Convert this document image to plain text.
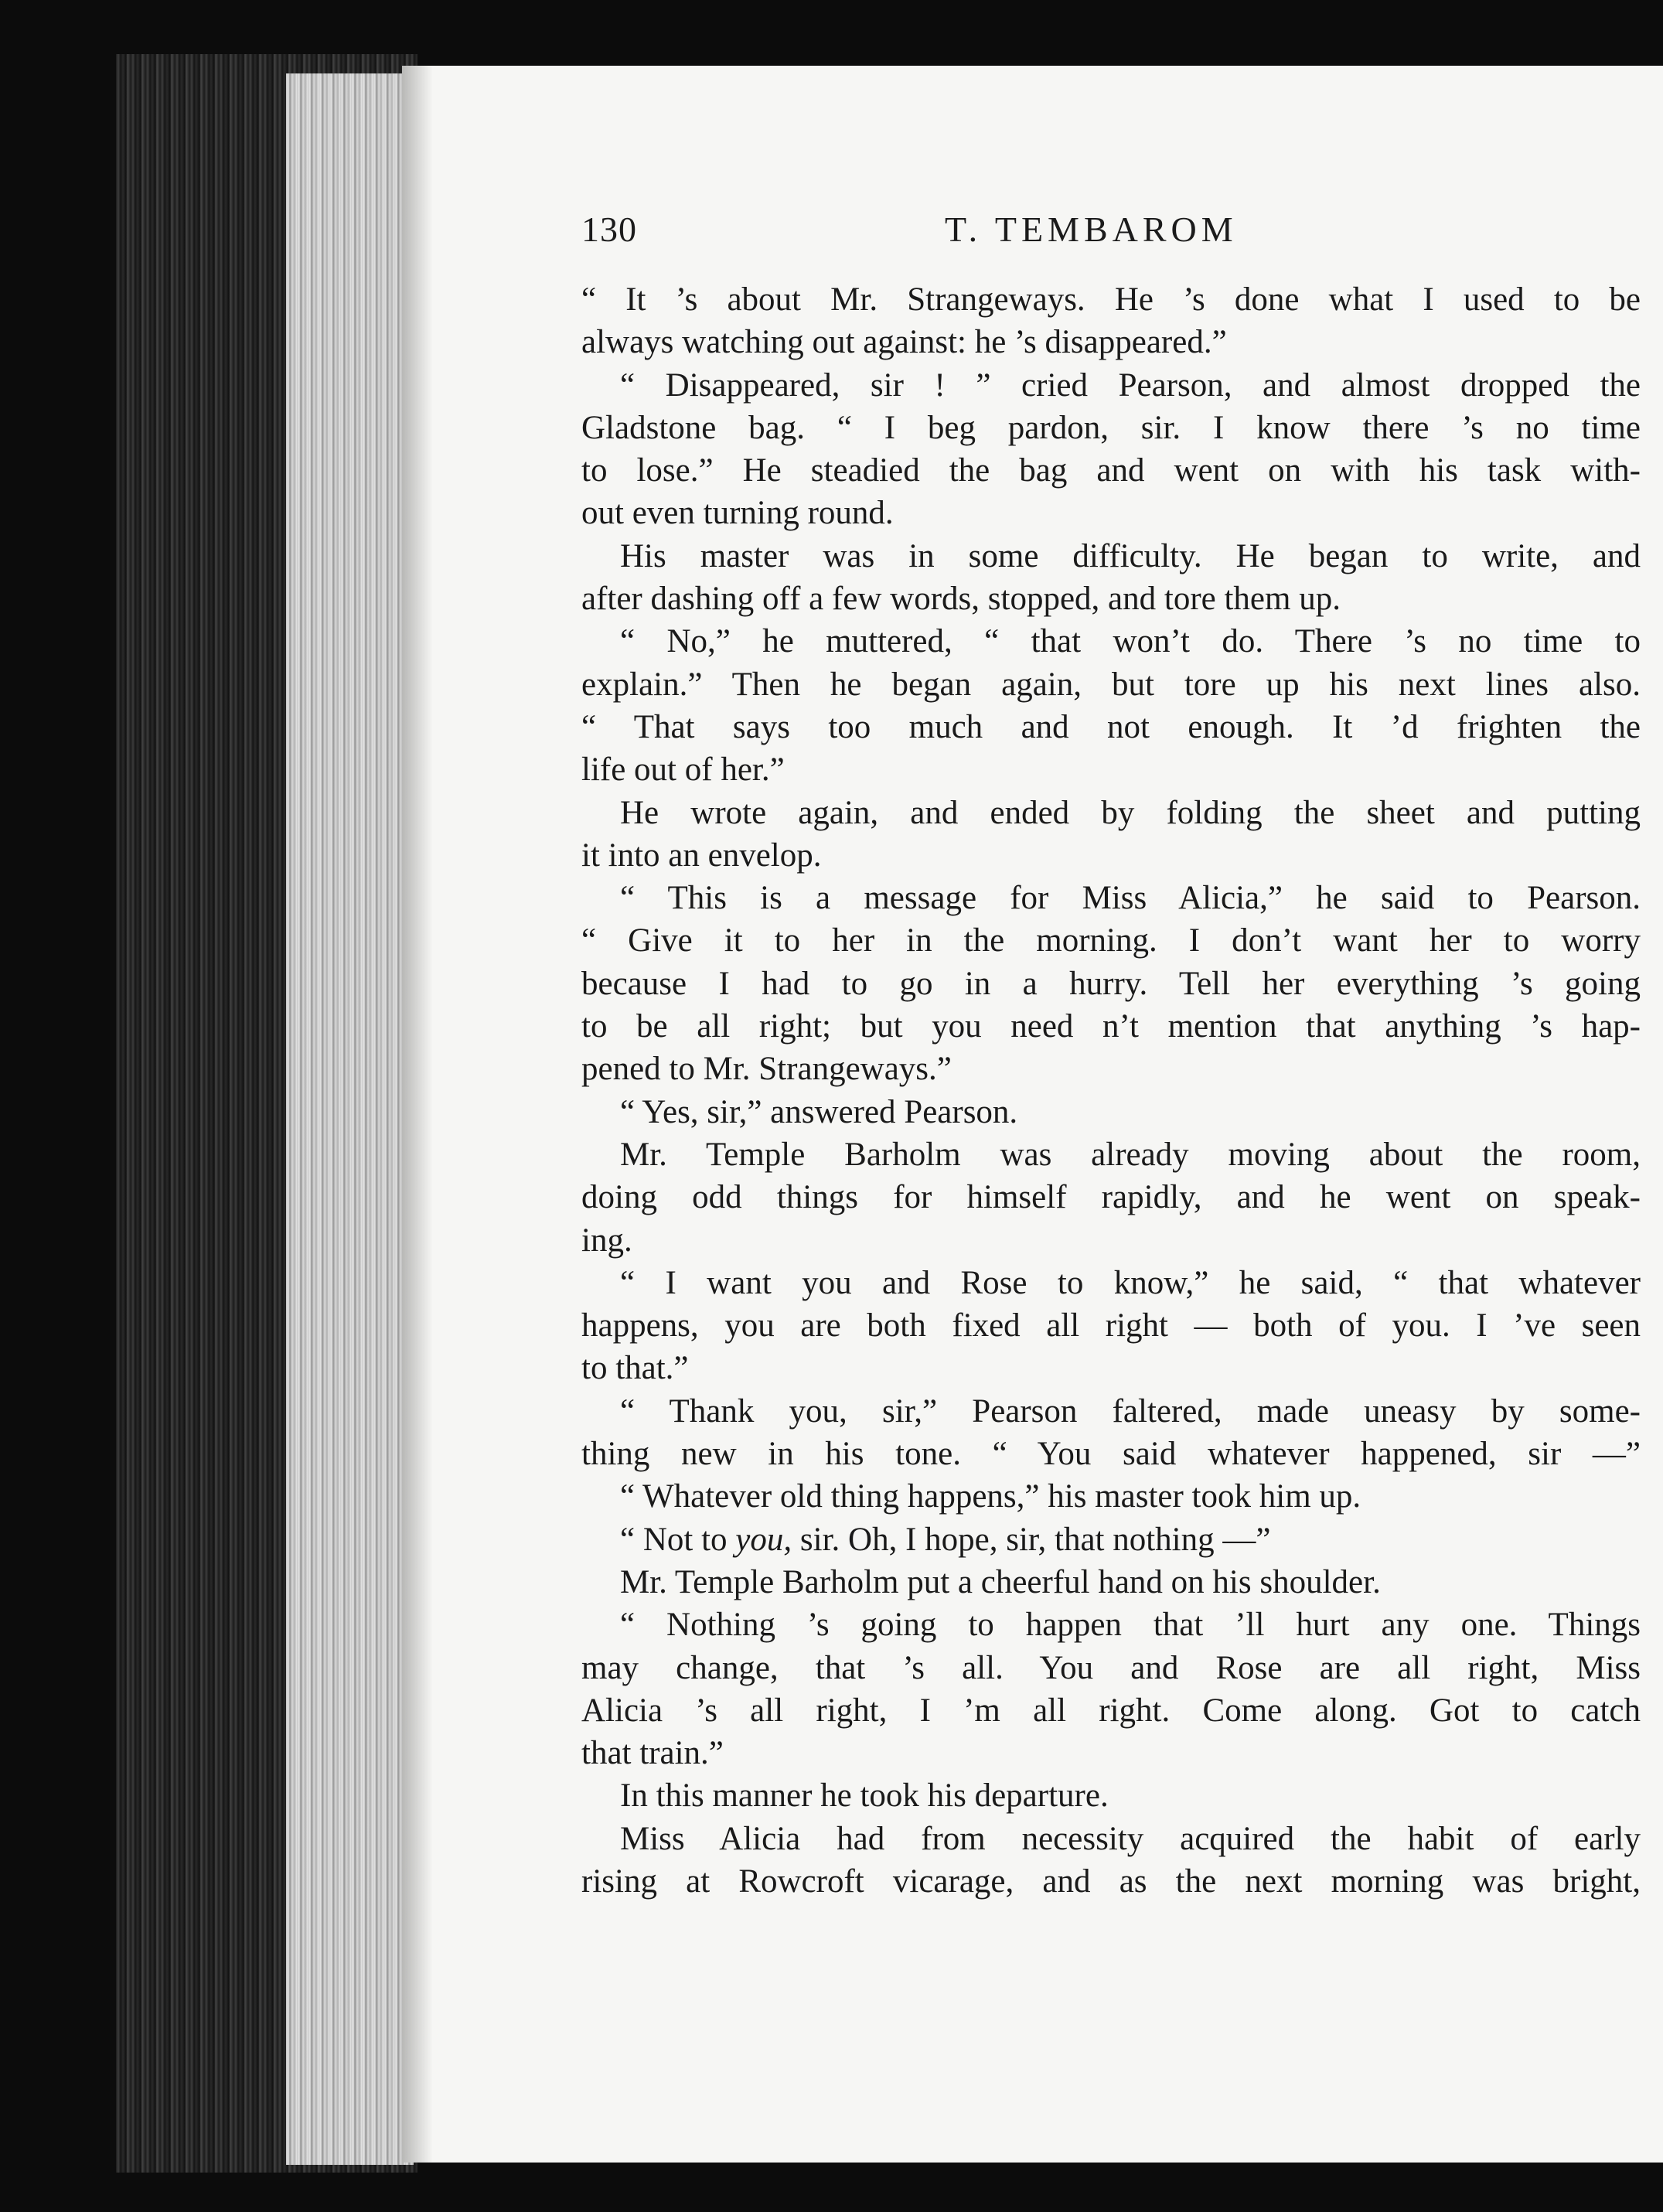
130	T. TEMBAROM
“ It ’s about Mr. Strangeways. He ’s done what I used to be
always watching out against: he ’s disappeared.”
“ Disappeared, sir ! ” cried Pearson, and almost dropped the
Gladstone bag. “ I beg pardon, sir. I know there ’s no time
to lose.” He steadied the bag and went on with his task with-
out even turning round.
His master was in some difficulty. He began to write, and
after dashing off a few words, stopped, and tore them up.
“ No,” he muttered, “ that won’t do. There ’s no time to
explain.” Then he began again, but tore up his next lines also.
“ That says too much and not enough. It ’d frighten the
life out of her.”
He wrote again, and ended by folding the sheet and putting
it into an envelop.
“ This is a message for Miss Alicia,” he said to Pearson.
“ Give it to her in the morning. I don’t want her to worry
because I had to go in a hurry. Tell her everything ’s going
to be all right; but you need n’t mention that anything ’s hap-
pened to Mr. Strangeways.”
“ Yes, sir,” answered Pearson.
Mr. Temple Barholm was already moving about the room,
doing odd things for himself rapidly, and he went on speak-
ing.
“ I want you and Rose to know,” he said, “ that whatever
happens, you are both fixed all right — both of you. I ’ve seen
to that.”
“ Thank you, sir,” Pearson faltered, made uneasy by some-
thing new in his tone. “ You said whatever happened, sir —”
“ Whatever old thing happens,” his master took him up.
“ Not to you, sir. Oh, I hope, sir, that nothing —”
Mr. Temple Barholm put a cheerful hand on his shoulder.
“ Nothing ’s going to happen that ’ll hurt any one. Things
may change, that ’s all. You and Rose are all right, Miss
Alicia ’s all right, I ’m all right. Come along. Got to catch
that train.”
In this manner he took his departure.
Miss Alicia had from necessity acquired the habit of early
rising at Rowcroft vicarage, and as the next morning was bright,
